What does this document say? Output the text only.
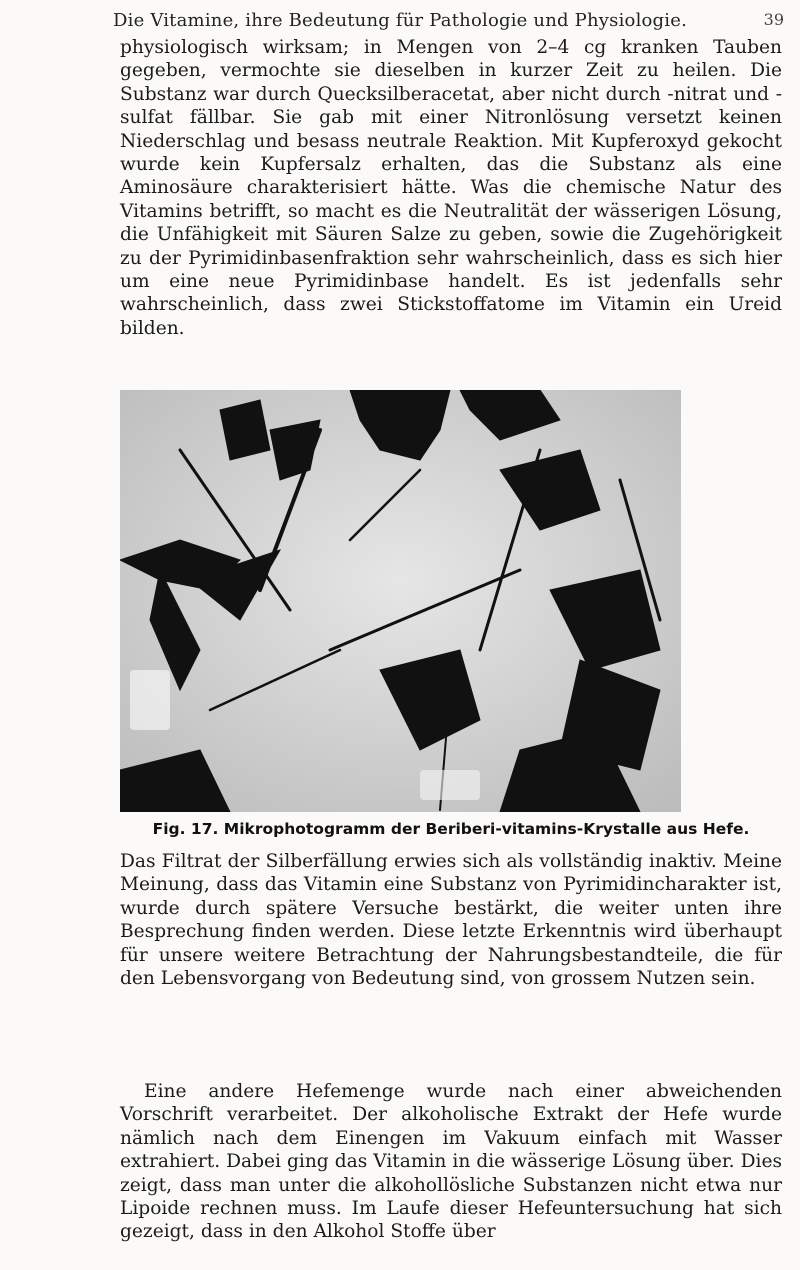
Die Vitamine, ihre Bedeutung für Pathologie und Physiologie.	39

physiologisch wirksam; in Mengen von 2–4 cg kranken Tauben gegeben, vermochte sie dieselben in kurzer Zeit zu heilen. Die Substanz war durch Quecksilberacetat, aber nicht durch -nitrat und -sulfat fällbar. Sie gab mit einer Nitronlösung versetzt keinen Niederschlag und besass neutrale Reaktion. Mit Kupferoxyd gekocht wurde kein Kupfersalz erhalten, das die Substanz als eine Aminosäure charakterisiert hätte. Was die chemische Natur des Vitamins betrifft, so macht es die Neutralität der wässerigen Lösung, die Unfähigkeit mit Säuren Salze zu geben, sowie die Zugehörigkeit zu der Pyrimidinbasenfraktion sehr wahrscheinlich, dass es sich hier um eine neue Pyrimidinbase handelt. Es ist jedenfalls sehr wahrscheinlich, dass zwei Stickstoffatome im Vitamin ein Ureid bilden.

Fig. 17. Mikrophotogramm der Beriberi-vitamins-Krystalle aus Hefe.

Das Filtrat der Silberfällung erwies sich als vollständig inaktiv. Meine Meinung, dass das Vitamin eine Substanz von Pyrimidincharakter ist, wurde durch spätere Versuche bestärkt, die weiter unten ihre Besprechung finden werden. Diese letzte Erkenntnis wird überhaupt für unsere weitere Betrachtung der Nahrungsbestandteile, die für den Lebensvorgang von Bedeutung sind, von grossem Nutzen sein.

Eine andere Hefemenge wurde nach einer abweichenden Vorschrift verarbeitet. Der alkoholische Extrakt der Hefe wurde nämlich nach dem Einengen im Vakuum einfach mit Wasser extrahiert. Dabei ging das Vitamin in die wässerige Lösung über. Dies zeigt, dass man unter die alkohollösliche Substanzen nicht etwa nur Lipoide rechnen muss. Im Laufe dieser Hefeuntersuchung hat sich gezeigt, dass in den Alkohol Stoffe über
